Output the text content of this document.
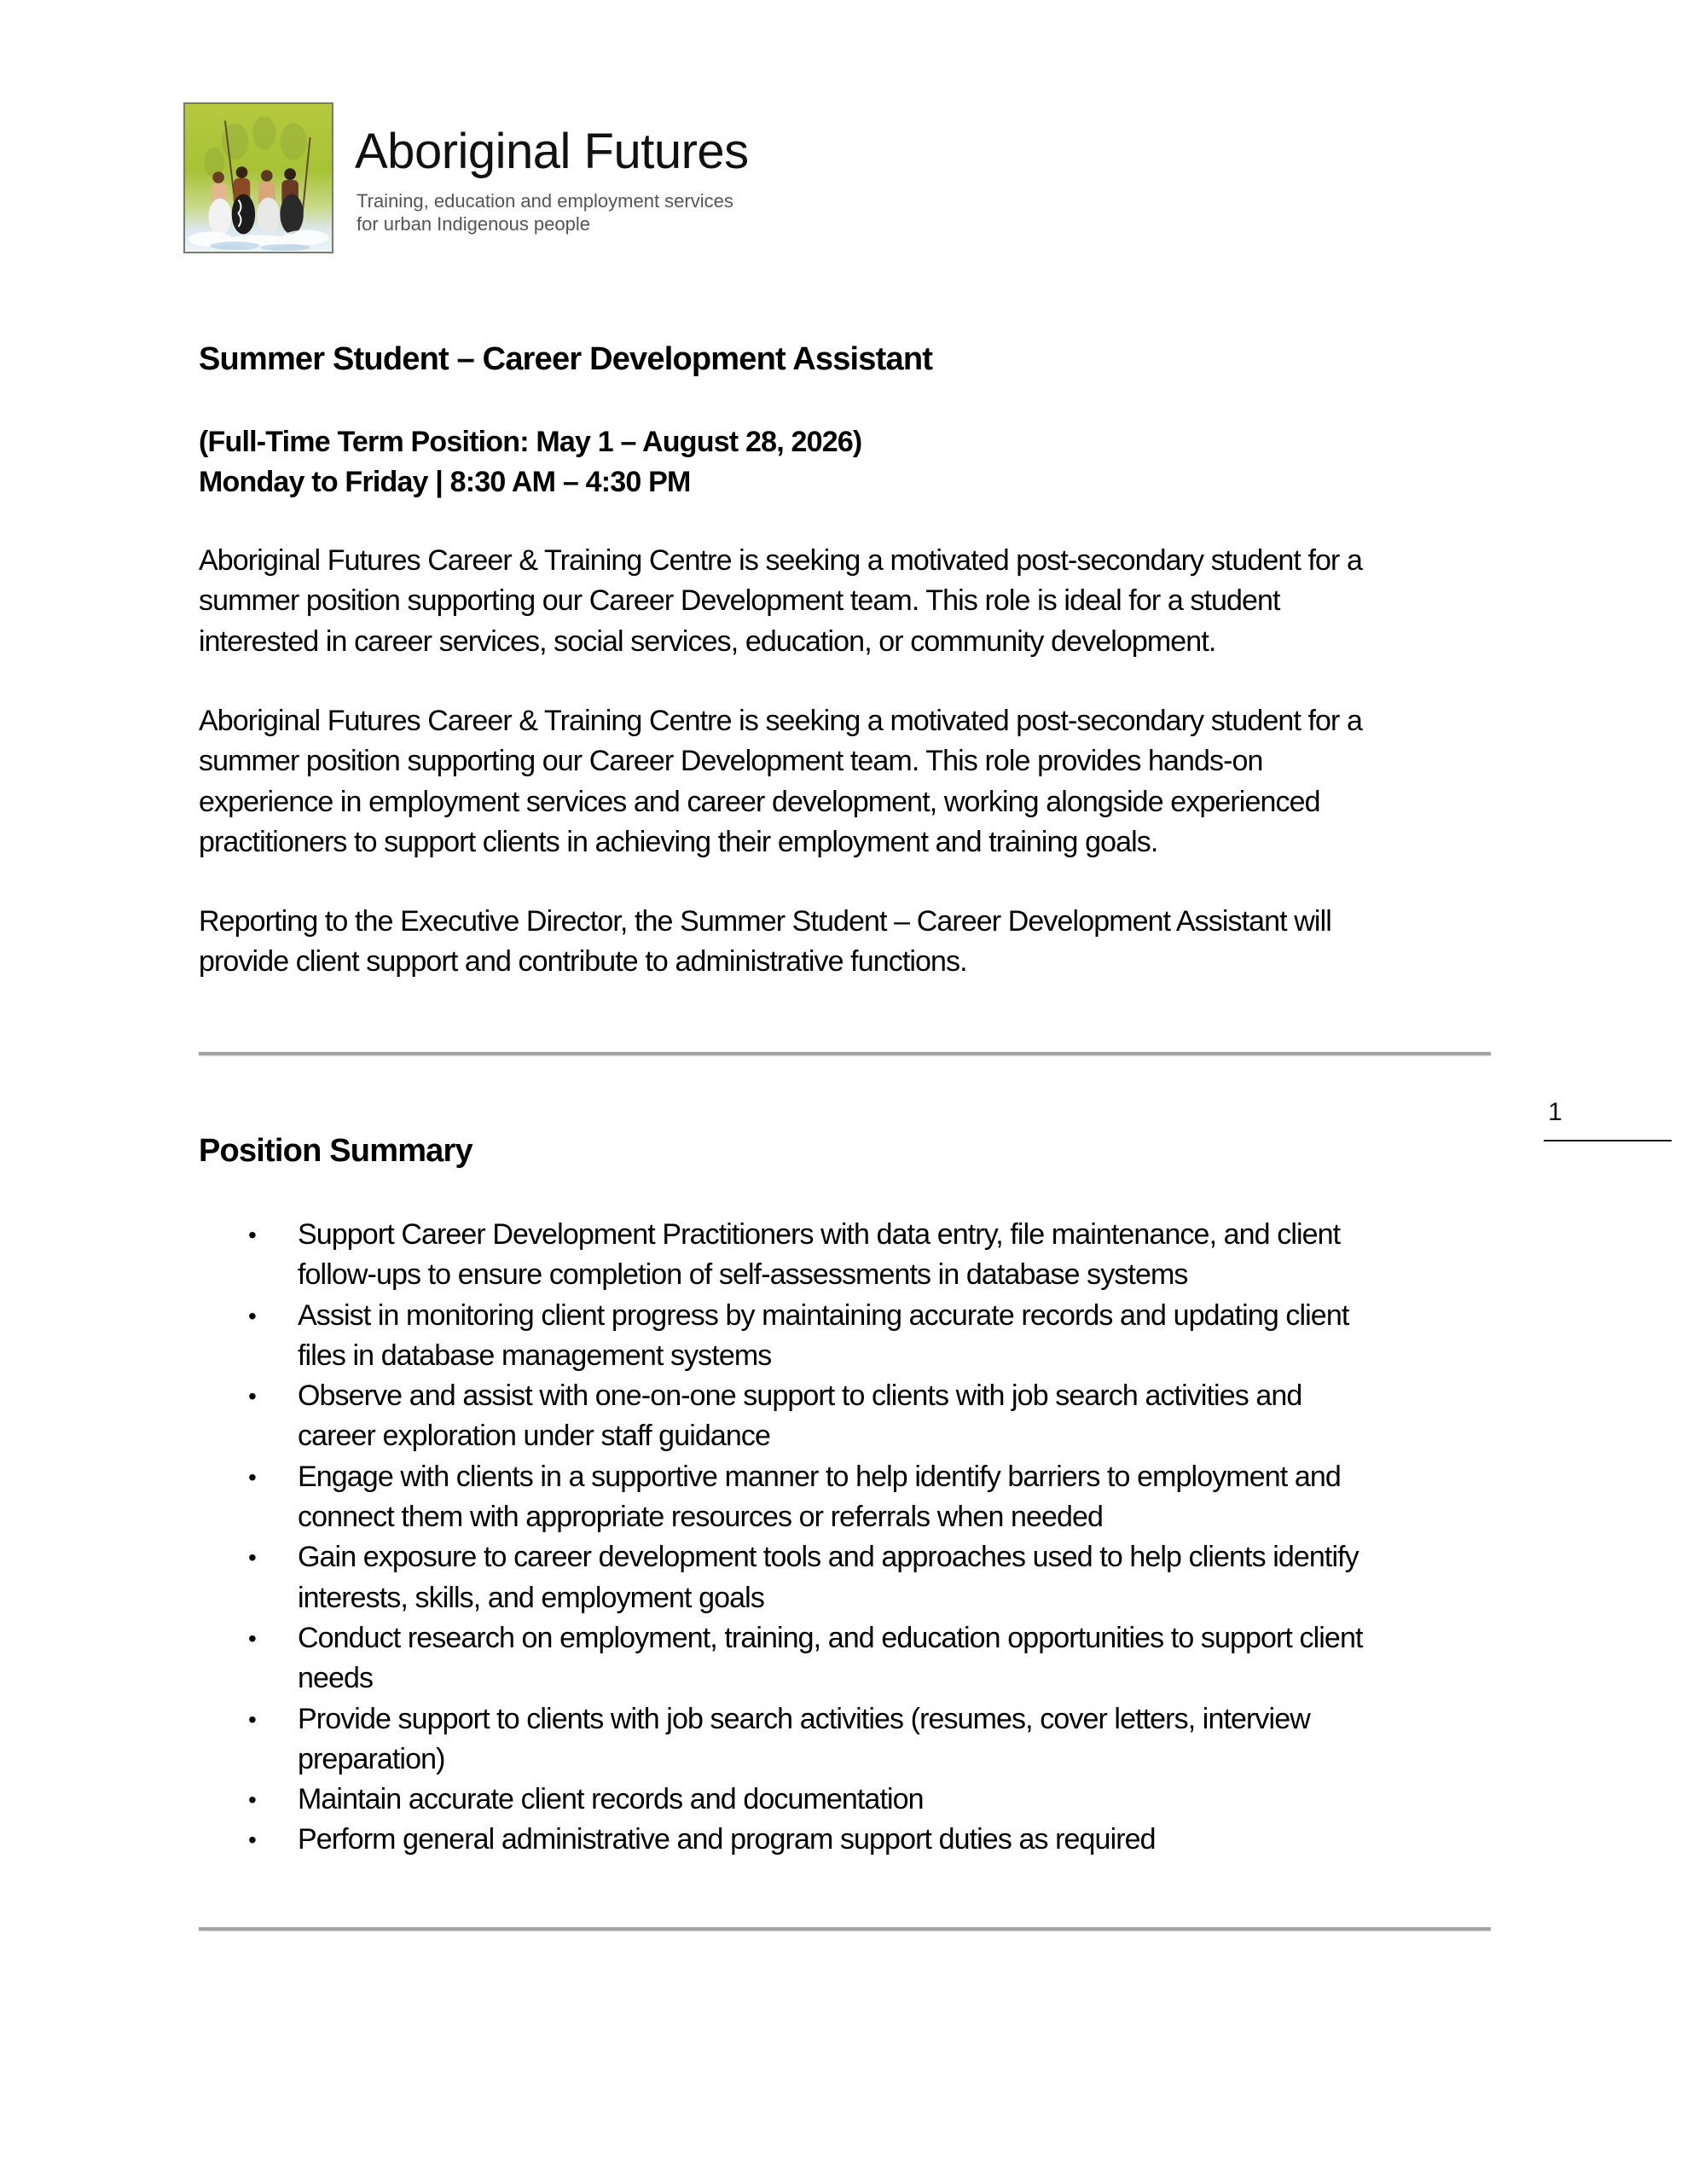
Aboriginal Futures
Training, education and employment services
for urban Indigenous people
Summer Student – Career Development Assistant
(Full-Time Term Position: May 1 – August 28, 2026)
Monday to Friday | 8:30 AM – 4:30 PM
Aboriginal Futures Career & Training Centre is seeking a motivated post-secondary student for a
summer position supporting our Career Development team. This role is ideal for a student
interested in career services, social services, education, or community development.
Aboriginal Futures Career & Training Centre is seeking a motivated post-secondary student for a
summer position supporting our Career Development team. This role provides hands-on
experience in employment services and career development, working alongside experienced
practitioners to support clients in achieving their employment and training goals.
Reporting to the Executive Director, the Summer Student – Career Development Assistant will
provide client support and contribute to administrative functions.
1
Position Summary
• Support Career Development Practitioners with data entry, file maintenance, and client
follow-ups to ensure completion of self-assessments in database systems
• Assist in monitoring client progress by maintaining accurate records and updating client
files in database management systems
• Observe and assist with one-on-one support to clients with job search activities and
career exploration under staff guidance
• Engage with clients in a supportive manner to help identify barriers to employment and
connect them with appropriate resources or referrals when needed
• Gain exposure to career development tools and approaches used to help clients identify
interests, skills, and employment goals
• Conduct research on employment, training, and education opportunities to support client
needs
• Provide support to clients with job search activities (resumes, cover letters, interview
preparation)
• Maintain accurate client records and documentation
• Perform general administrative and program support duties as required
